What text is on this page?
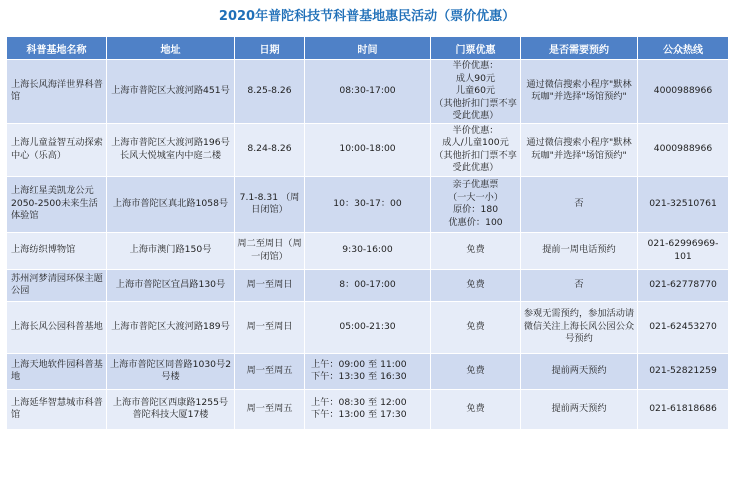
2020年普陀科技节科普基地惠民活动（票价优惠）
科普基地名称	地址	日期	时间	门票优惠	是否需要预约	公众热线
上海长风海洋世界科普馆	上海市普陀区大渡河路451号	8.25-8.26	08:30-17:00	半价优惠：
成人90元
儿童60元
（其他折扣门票不享受此优惠）	通过微信搜索小程序"默林玩咖"并选择"场馆预约"	4000988966
上海儿童益智互动探索中心（乐高）	上海市普陀区大渡河路196号长风大悦城室内中庭二楼	8.24-8.26	10:00-18:00	半价优惠：
成人/儿童100元
（其他折扣门票不享受此优惠）	通过微信搜索小程序"默林玩咖"并选择"场馆预约"	4000988966
上海红星美凯龙公元2050-2500未来生活体验馆	上海市普陀区真北路1058号	7.1-8.31 （周日闭馆）	10：30-17：00	亲子优惠票
（一大一小）
原价：180
优惠价：100	否	021-32510761
上海纺织博物馆	上海市澳门路150号	周二至周日（周一闭馆）	9:30-16:00	免费	提前一周电话预约	021-62996969-101
苏州河梦清园环保主题公园	上海市普陀区宜昌路130号	周一至周日	8：00-17:00	免费	否	021-62778770
上海长风公园科普基地	上海市普陀区大渡河路189号	周一至周日	05:00-21:30	免费	参观无需预约，参加活动请微信关注上海长风公园公众号预约	021-62453270
上海天地软件园科普基地	上海市普陀区同普路1030号2号楼	周一至周五	上午：09:00 至 11:00
下午：13:30 至 16:30	免费	提前两天预约	021-52821259
上海延华智慧城市科普馆	上海市普陀区西康路1255号普陀科技大厦17楼	周一至周五	上午：08:30 至 12:00
下午：13:00 至 17:30	免费	提前两天预约	021-61818686
